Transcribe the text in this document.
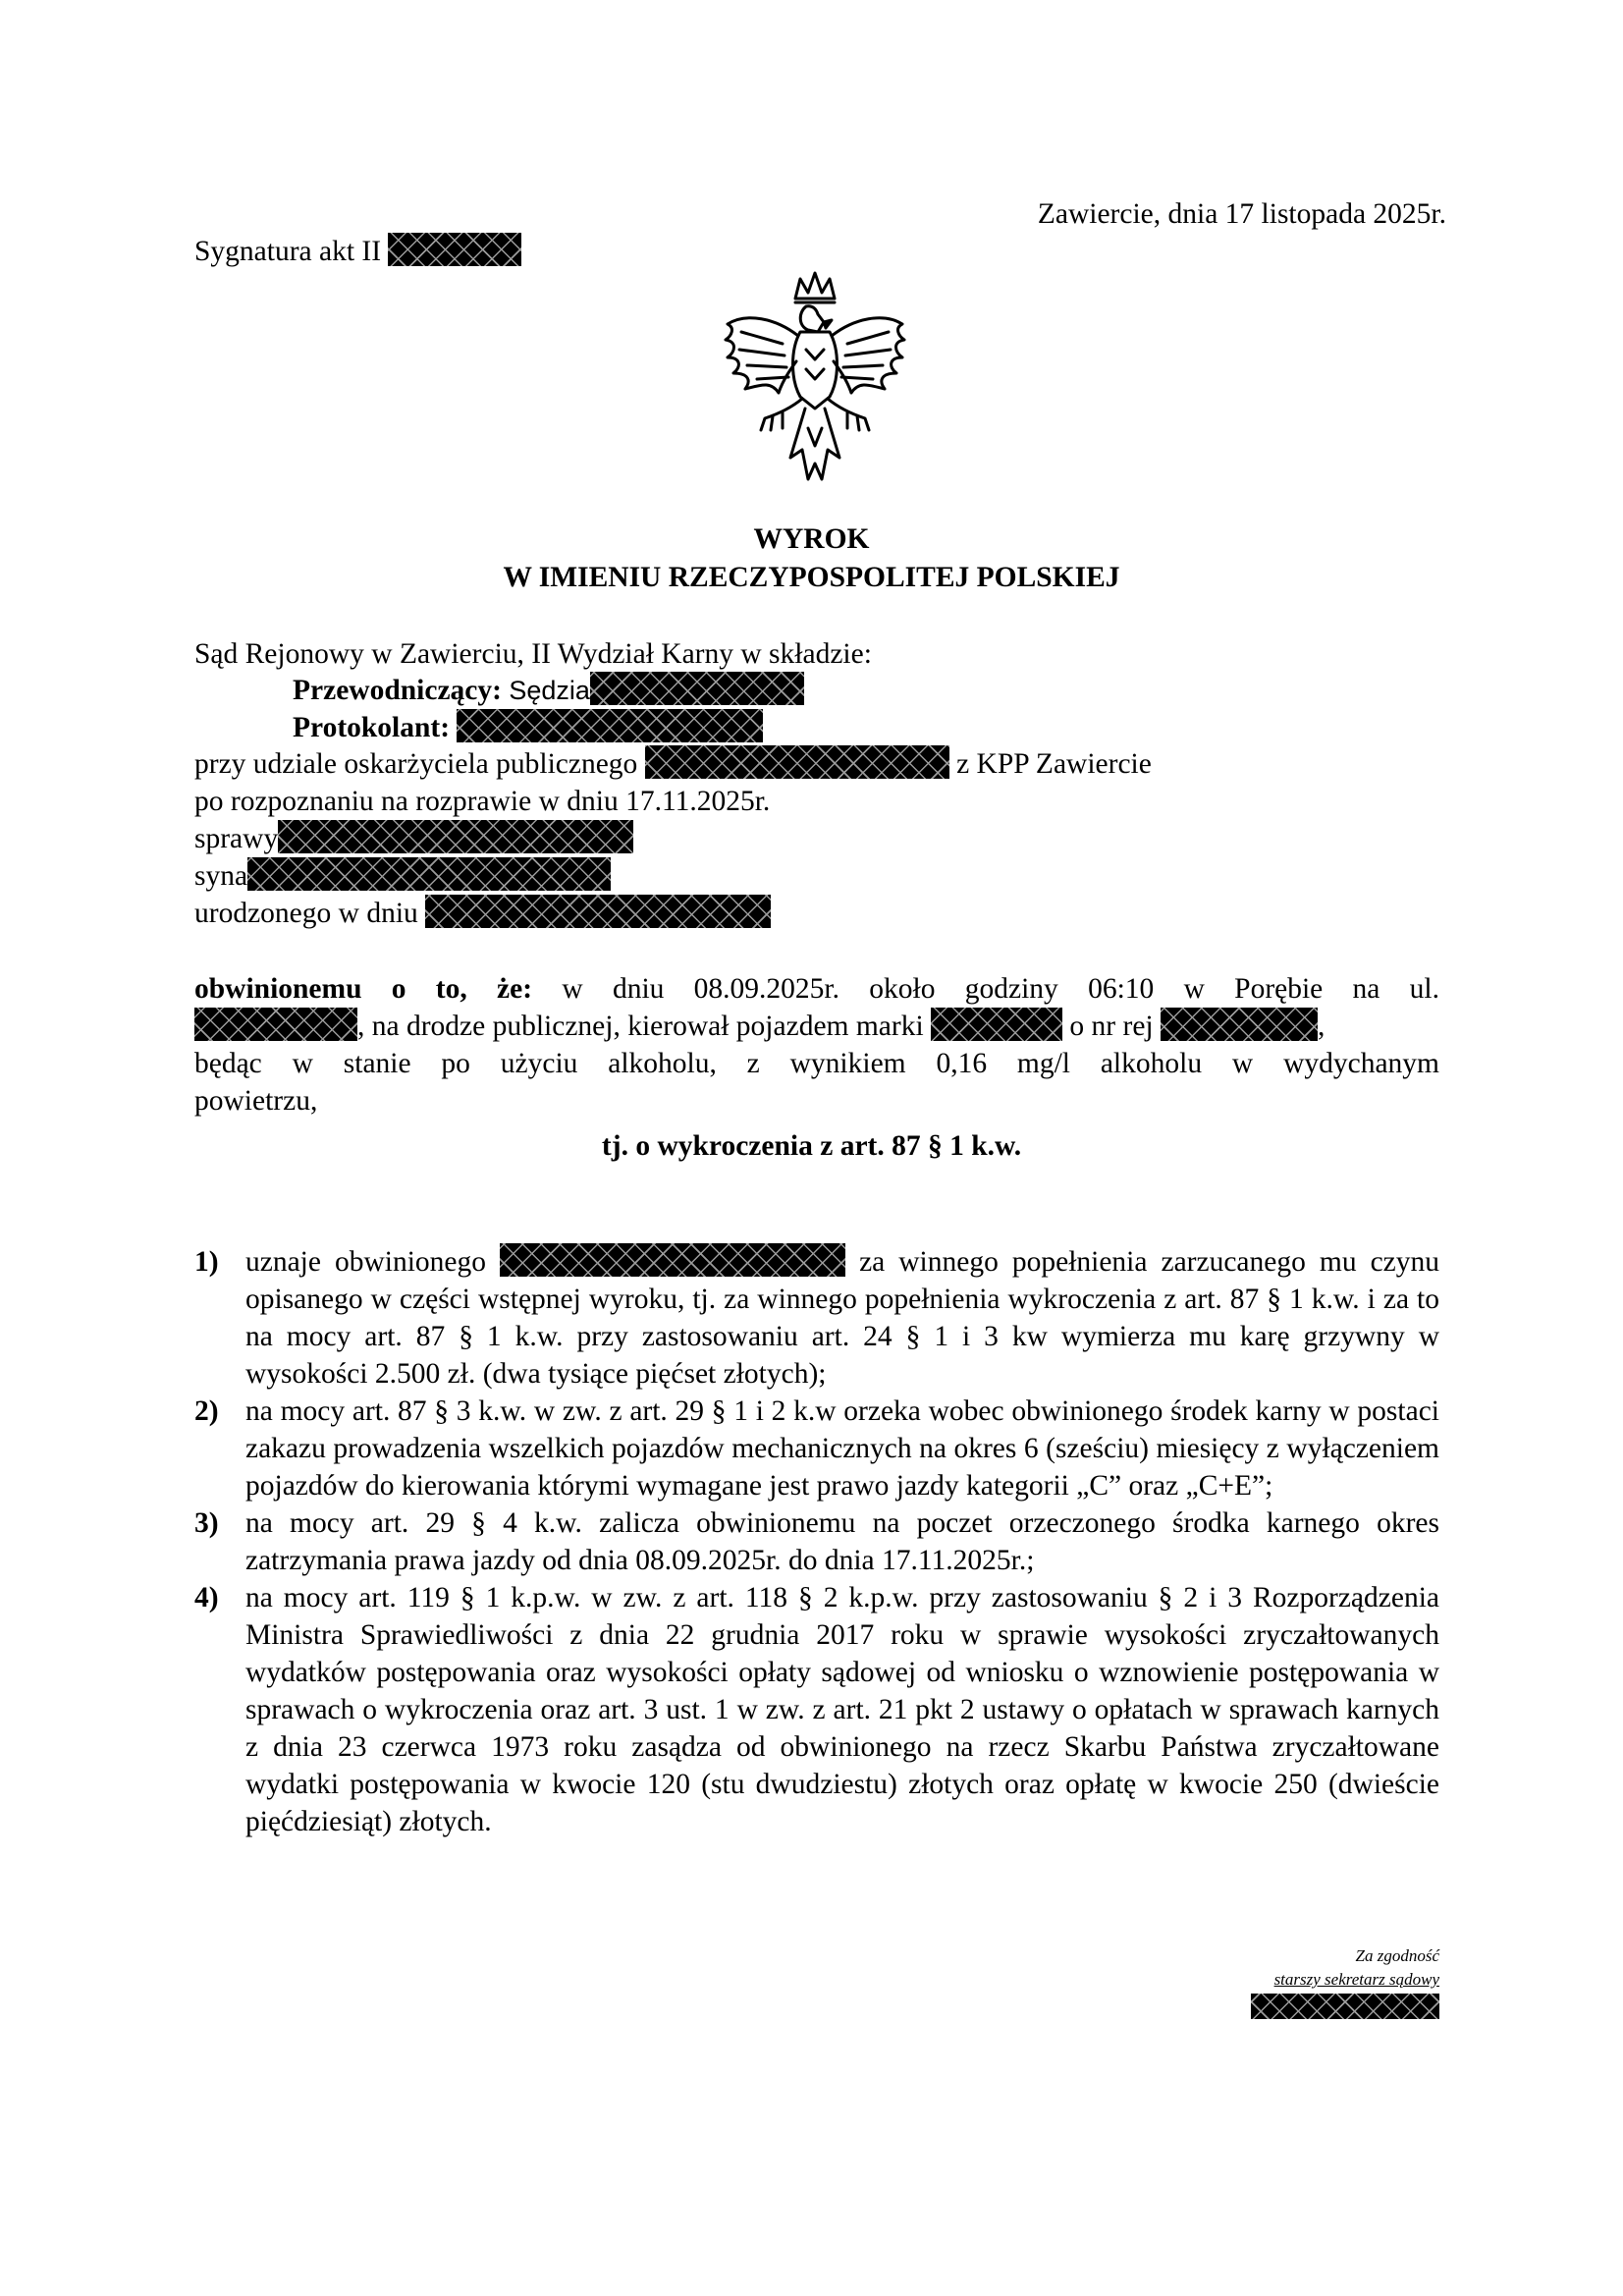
Zawiercie, dnia 17 listopada 2025r.
Sygnatura akt II
WYROK
W IMIENIU RZECZYPOSPOLITEJ POLSKIEJ
Sąd Rejonowy w Zawierciu, II Wydział Karny w składzie:
Przewodniczący: Sędzia
Protokolant:
przy udziale oskarżyciela publicznego	z KPP Zawiercie
po rozpoznaniu na rozprawie w dniu 17.11.2025r.
sprawy
syna
urodzonego w dniu
obwinionemu o to, że: w dniu 08.09.2025r. około godziny 06:10 w Porębie na ul.
, na drodze publicznej, kierował pojazdem marki	o nr rej	,
będąc w stanie po użyciu alkoholu, z wynikiem 0,16 mg/l alkoholu w wydychanym
powietrzu,
tj. o wykroczenia z art. 87 § 1 k.w.
1) uznaje obwinionego	za winnego popełnienia zarzucanego mu czynu opisanego w części wstępnej wyroku, tj. za winnego popełnienia wykroczenia z art. 87 § 1 k.w. i za to na mocy art. 87 § 1 k.w. przy zastosowaniu art. 24 § 1 i 3 kw wymierza mu karę grzywny w wysokości 2.500 zł. (dwa tysiące pięćset złotych);
2) na mocy art. 87 § 3 k.w. w zw. z art. 29 § 1 i 2 k.w orzeka wobec obwinionego środek karny w postaci zakazu prowadzenia wszelkich pojazdów mechanicznych na okres 6 (sześciu) miesięcy z wyłączeniem pojazdów do kierowania którymi wymagane jest prawo jazdy kategorii „C” oraz „C+E”;
3) na mocy art. 29 § 4 k.w. zalicza obwinionemu na poczet orzeczonego środka karnego okres zatrzymania prawa jazdy od dnia 08.09.2025r. do dnia 17.11.2025r.;
4) na mocy art. 119 § 1 k.p.w. w zw. z art. 118 § 2 k.p.w. przy zastosowaniu § 2 i 3 Rozporządzenia Ministra Sprawiedliwości z dnia 22 grudnia 2017 roku w sprawie wysokości zryczałtowanych wydatków postępowania oraz wysokości opłaty sądowej od wniosku o wznowienie postępowania w sprawach o wykroczenia oraz art. 3 ust. 1 w zw. z art. 21 pkt 2 ustawy o opłatach w sprawach karnych z dnia 23 czerwca 1973 roku zasądza od obwinionego na rzecz Skarbu Państwa zryczałtowane wydatki postępowania w kwocie 120 (stu dwudziestu) złotych oraz opłatę w kwocie 250 (dwieście pięćdziesiąt) złotych.
Za zgodność
starszy sekretarz sądowy
